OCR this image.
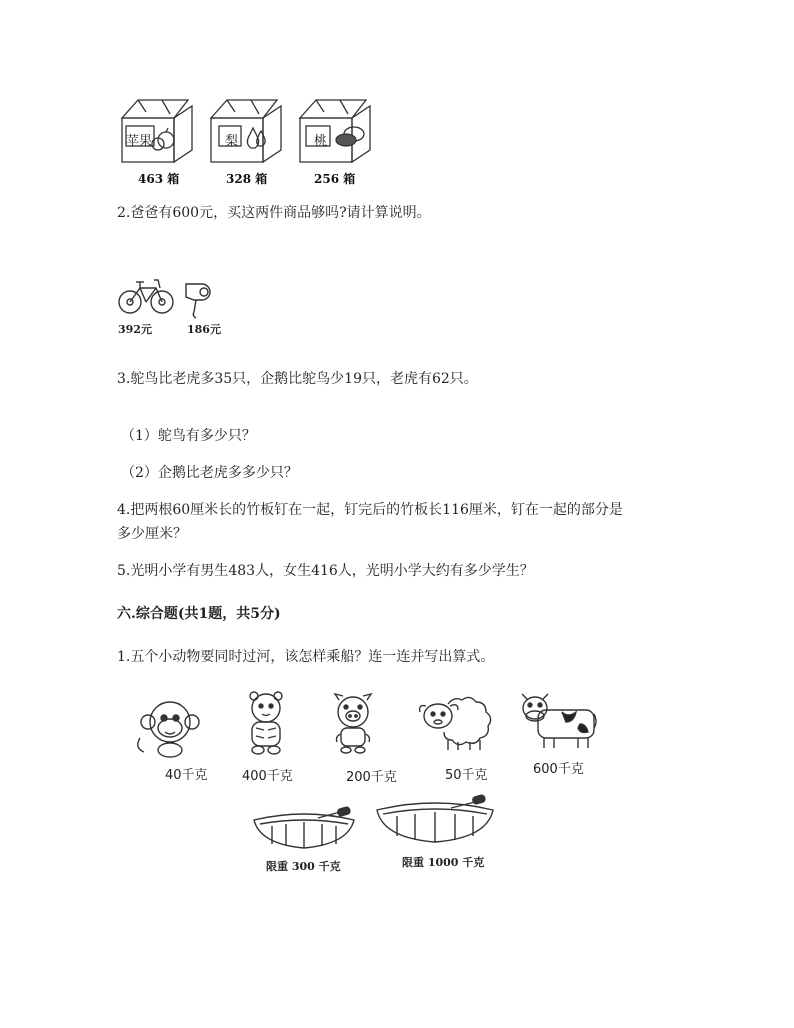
苹果
463 箱
梨
328 箱
桃
256 箱
2.爸爸有600元，买这两件商品够吗?请计算说明。
392元	186元
3.鸵鸟比老虎多35只，企鹅比鸵鸟少19只，老虎有62只。
（1）鸵鸟有多少只？
（2）企鹅比老虎多多少只？
4.把两根60厘米长的竹板钉在一起，钉完后的竹板长116厘米，钉在一起的部分是
多少厘米？
5.光明小学有男生483人，女生416人，光明小学大约有多少学生？
六.综合题(共1题，共5分)
1.五个小动物要同时过河，该怎样乘船？连一连并写出算式。
40千克	400千克	200千克	50千克	600千克
限重 300 千克	限重 1000 千克
